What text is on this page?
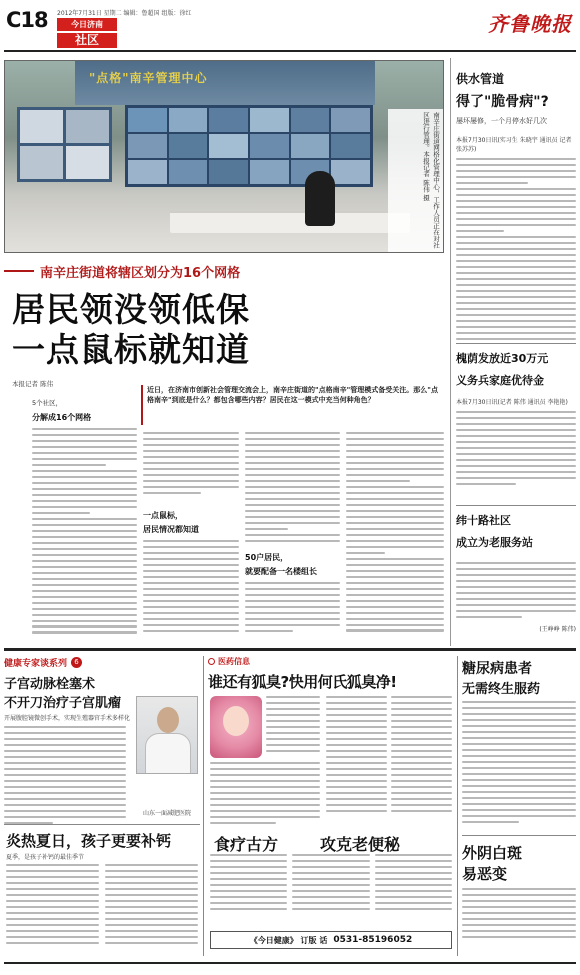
C18 2012年7月31日 星期二 编辑：鲁超国 组版：徐红
今日济南
社区
齐鲁晚报
"点格"南辛管理中心
南辛庄街道网格化管理中心，工作人员正在对社区进行管理。本报记者 陈伟 摄
南辛庄街道将辖区划分为16个网格
居民领没领低保
一点鼠标就知道
本报记者 陈伟
近日，在济南市创新社会管理交流会上，南辛庄街道的"点格南辛"管理模式备受关注。那么"点格南辛"到底是什么？都包含哪些内容？居民在这一模式中充当何种角色？
5个社区，
分解成16个网格
一点鼠标，
居民情况都知道
50户居民，
就要配备一名楼组长
供水管道
得了"脆骨病"?
屡坏屡修，一个月停水好几次
本报7月30日讯(实习生 朱晓宇 通讯员 记者 张苏苏)
槐荫发放近30万元
义务兵家庭优待金
本报7月30日讯(记者 陈伟 通讯员 李艳艳)
纬十路社区
成立为老服务站
(王峥峥 陈伟)
健康专家谈系列	6
子宫动脉栓塞术
不开刀治疗子宫肌瘤
开展腹腔镜微创手术，实现生殖器官手术多样化
山东一面减肥医院
炎热夏日，孩子更要补钙
夏季，是孩子补钙的最佳季节
医药信息
谁还有狐臭?快用何氏狐臭净!
食疗古方	攻克老便秘
《今日健康》 订版 话 0531-85196052
糖尿病患者
无需终生服药
外阴白斑
易恶变
